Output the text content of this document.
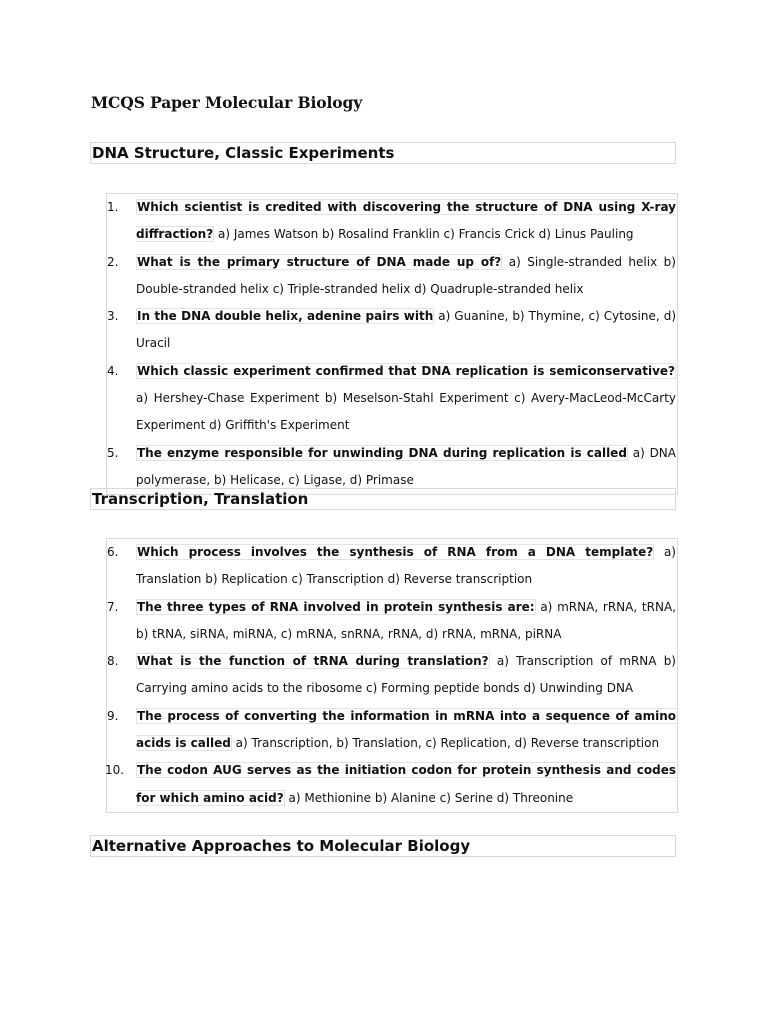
MCQS Paper Molecular Biology
DNA Structure, Classic Experiments
1.	Which scientist is credited with discovering the structure of DNA using X-ray diffraction? a) James Watson b) Rosalind Franklin c) Francis Crick d) Linus Pauling
2.	What is the primary structure of DNA made up of? a) Single-stranded helix b) Double-stranded helix c) Triple-stranded helix d) Quadruple-stranded helix
3.	In the DNA double helix, adenine pairs with a) Guanine, b) Thymine, c) Cytosine, d) Uracil
4.	Which classic experiment confirmed that DNA replication is semiconservative? a) Hershey-Chase Experiment b) Meselson-Stahl Experiment c) Avery-MacLeod-McCarty Experiment d) Griffith's Experiment
5.	The enzyme responsible for unwinding DNA during replication is called a) DNA polymerase, b) Helicase, c) Ligase, d) Primase
Transcription, Translation
6.	Which process involves the synthesis of RNA from a DNA template? a) Translation b) Replication c) Transcription d) Reverse transcription
7.	The three types of RNA involved in protein synthesis are: a) mRNA, rRNA, tRNA, b) tRNA, siRNA, miRNA, c) mRNA, snRNA, rRNA, d) rRNA, mRNA, piRNA
8.	What is the function of tRNA during translation? a) Transcription of mRNA b) Carrying amino acids to the ribosome c) Forming peptide bonds d) Unwinding DNA
9.	The process of converting the information in mRNA into a sequence of amino acids is called a) Transcription, b) Translation, c) Replication, d) Reverse transcription
10. The codon AUG serves as the initiation codon for protein synthesis and codes for which amino acid? a) Methionine b) Alanine c) Serine d) Threonine
Alternative Approaches to Molecular Biology
